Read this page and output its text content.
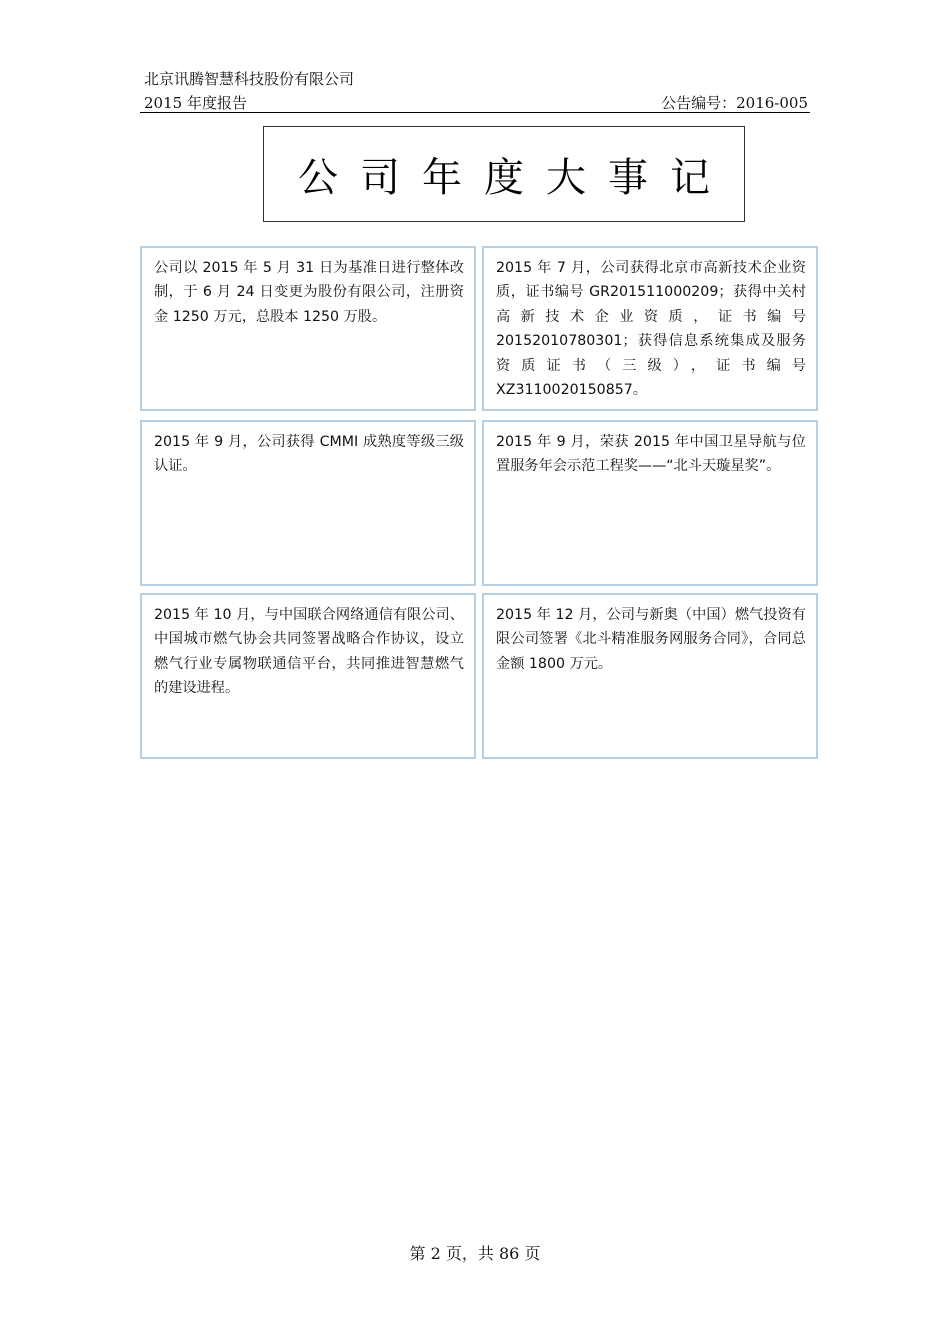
北京讯腾智慧科技股份有限公司
2015 年度报告	公告编号：2016-005
公司年度大事记
公司以 2015 年 5 月 31 日为基准日进行整体改制，于 6 月 24 日变更为股份有限公司，注册资金 1250 万元，总股本 1250 万股。
2015 年 7 月，公司获得北京市高新技术企业资质，证书编号 GR201511000209；获得中关村高新技术企业资质，证书编号 20152010780301；获得信息系统集成及服务资质证书（三级），证书编号 XZ3110020150857。
2015 年 9 月，公司获得 CMMI 成熟度等级三级认证。
2015 年 9 月，荣获 2015 年中国卫星导航与位置服务年会示范工程奖——“北斗天璇星奖”。
2015 年 10 月，与中国联合网络通信有限公司、中国城市燃气协会共同签署战略合作协议，设立燃气行业专属物联通信平台，共同推进智慧燃气的建设进程。
2015 年 12 月，公司与新奥（中国）燃气投资有限公司签署《北斗精准服务网服务合同》，合同总金额 1800 万元。
第 2 页，共 86 页
